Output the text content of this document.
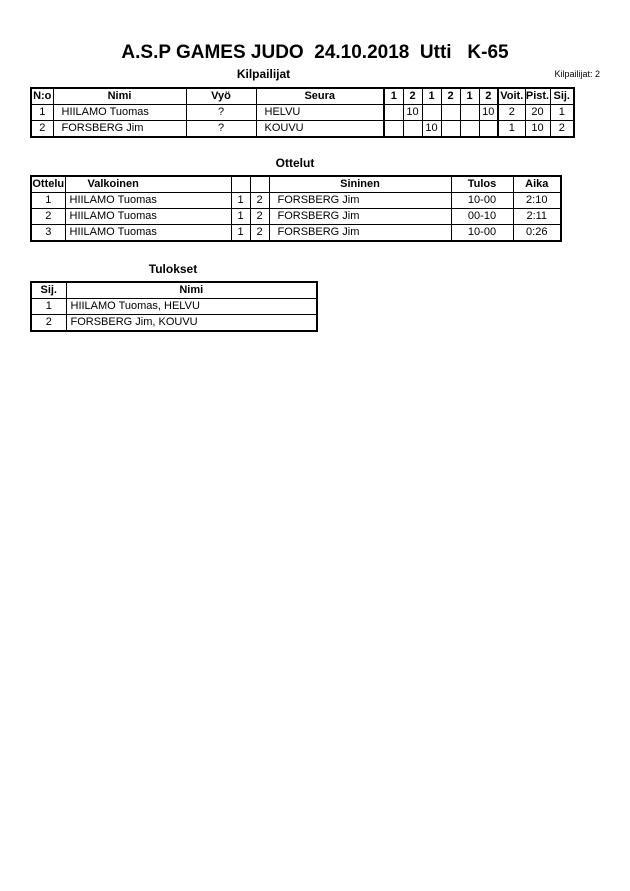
A.S.P GAMES JUDO  24.10.2018  Utti   K-65
Kilpailijat	Kilpailijat: 2
N:o	Nimi	Vyö	Seura	1	2	1	2	1	2	Voit.	Pist.	Sij.
1	HIILAMO Tuomas	?	HELVU		10				10	2	20	1
2	FORSBERG Jim	?	KOUVU			10				1	10	2
Ottelut
Ottelu	Valkoinen			Sininen	Tulos	Aika
1	HIILAMO Tuomas	1	2	FORSBERG Jim	10-00	2:10
2	HIILAMO Tuomas	1	2	FORSBERG Jim	00-10	2:11
3	HIILAMO Tuomas	1	2	FORSBERG Jim	10-00	0:26
Tulokset
Sij.	Nimi
1	HIILAMO Tuomas, HELVU
2	FORSBERG Jim, KOUVU
